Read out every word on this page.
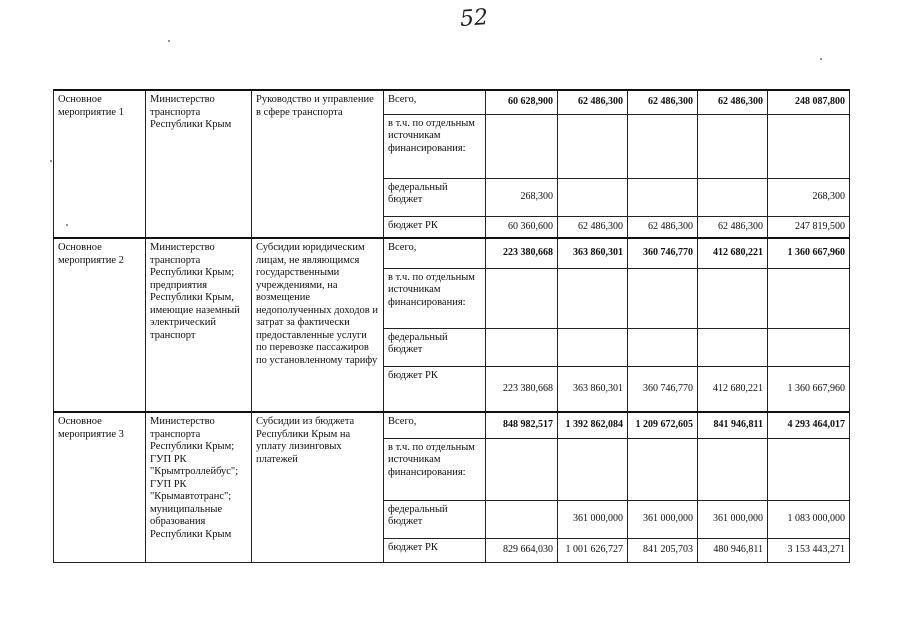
52
Основное мероприятие 1	Министерство транспорта Республики Крым	Руководство и управление в сфере транспорта	Всего,	60 628,900	62 486,300	62 486,300	62 486,300	248 087,800
			в т.ч. по отдельным источникам финансирования:					
			федеральный бюджет	268,300				268,300
			бюджет РК	60 360,600	62 486,300	62 486,300	62 486,300	247 819,500
Основное мероприятие 2	Министерство транспорта Республики Крым; предприятия Республики Крым, имеющие наземный электрический транспорт	Субсидии юридическим лицам, не являющимся государственными учреждениями, на возмещение недополученных доходов и затрат за фактически предоставленные услуги по перевозке пассажиров по установленному тарифу	Всего,	223 380,668	363 860,301	360 746,770	412 680,221	1 360 667,960
			в т.ч. по отдельным источникам финансирования:					
			федеральный бюджет					
			бюджет РК	223 380,668	363 860,301	360 746,770	412 680,221	1 360 667,960
Основное мероприятие 3	Министерство транспорта Республики Крым; ГУП РК "Крымтроллейбус"; ГУП РК "Крымавтотранс"; муниципальные образования Республики Крым	Субсидии из бюджета Республики Крым на уплату лизинговых платежей	Всего,	848 982,517	1 392 862,084	1 209 672,605	841 946,811	4 293 464,017
			в т.ч. по отдельным источникам финансирования:					
			федеральный бюджет		361 000,000	361 000,000	361 000,000	1 083 000,000
			бюджет РК	829 664,030	1 001 626,727	841 205,703	480 946,811	3 153 443,271
